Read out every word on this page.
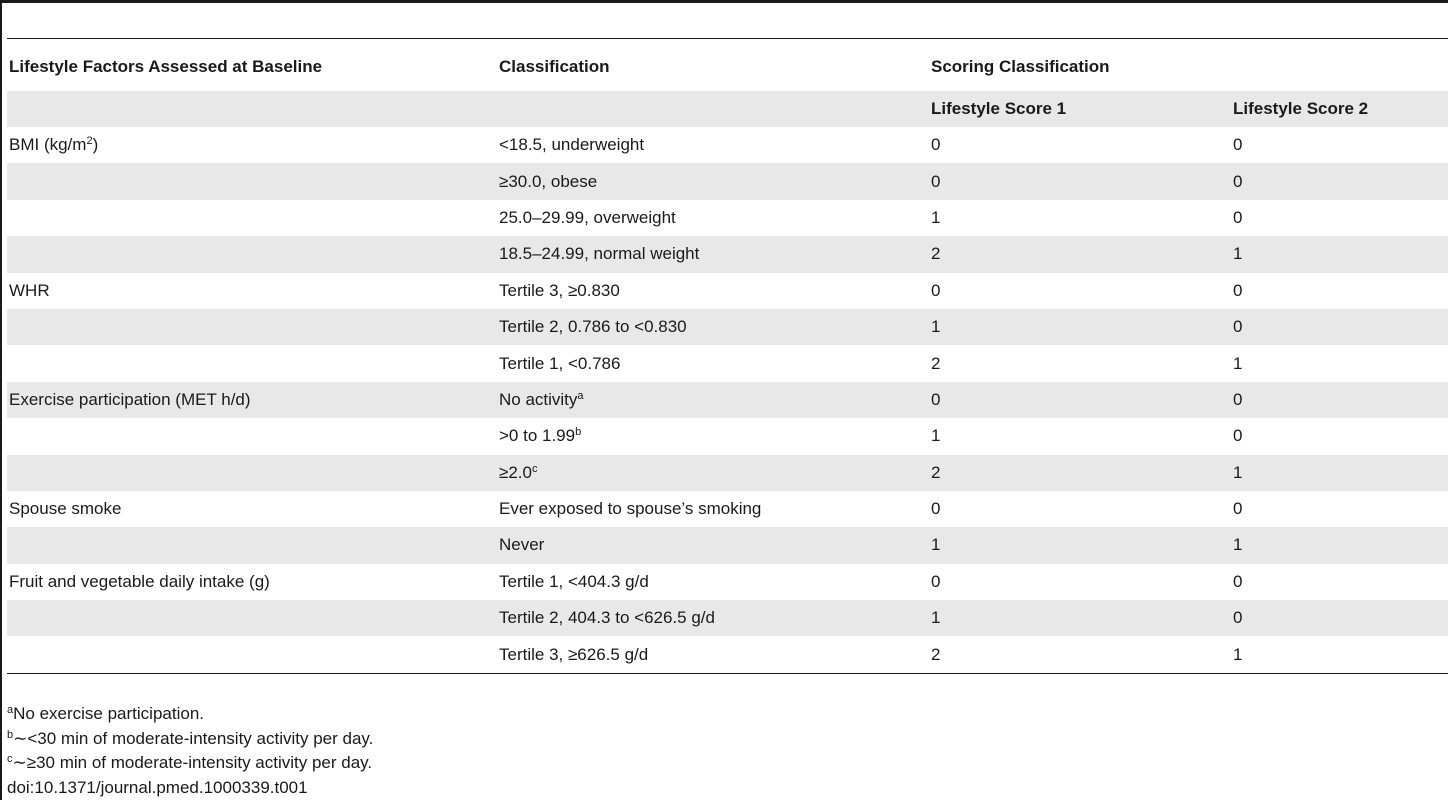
Lifestyle Factors Assessed at Baseline	Classification	Scoring Classification	
		Lifestyle Score 1	Lifestyle Score 2
BMI $(kg/m^2)$	<18.5, underweight	0	0
	≥30.0, obese	0	0
	25.0–29.99, overweight	1	0
	18.5–24.99, normal weight	2	1
WHR	Tertile 3, ≥0.830	0	0
	Tertile 2, 0.786 to <0.830	1	0
	Tertile 1, <0.786	2	1
Exercise participation (MET h/d)	No activity$^a$	0	0
	>0 to 1.99$^b$	1	0
	≥2.0$^c$	2	1
Spouse smoke	Ever exposed to spouse’s smoking	0	0
	Never	1	1
Fruit and vegetable daily intake (g)	Tertile 1, <404.3 g/d	0	0
	Tertile 2, 404.3 to <626.5 g/d	1	0
	Tertile 3, ≥626.5 g/d	2	1
$^a$No exercise participation.
$^b$∼<30 min of moderate-intensity activity per day.
$^c$∼≥30 min of moderate-intensity activity per day.
doi:10.1371/journal.pmed.1000339.t001
